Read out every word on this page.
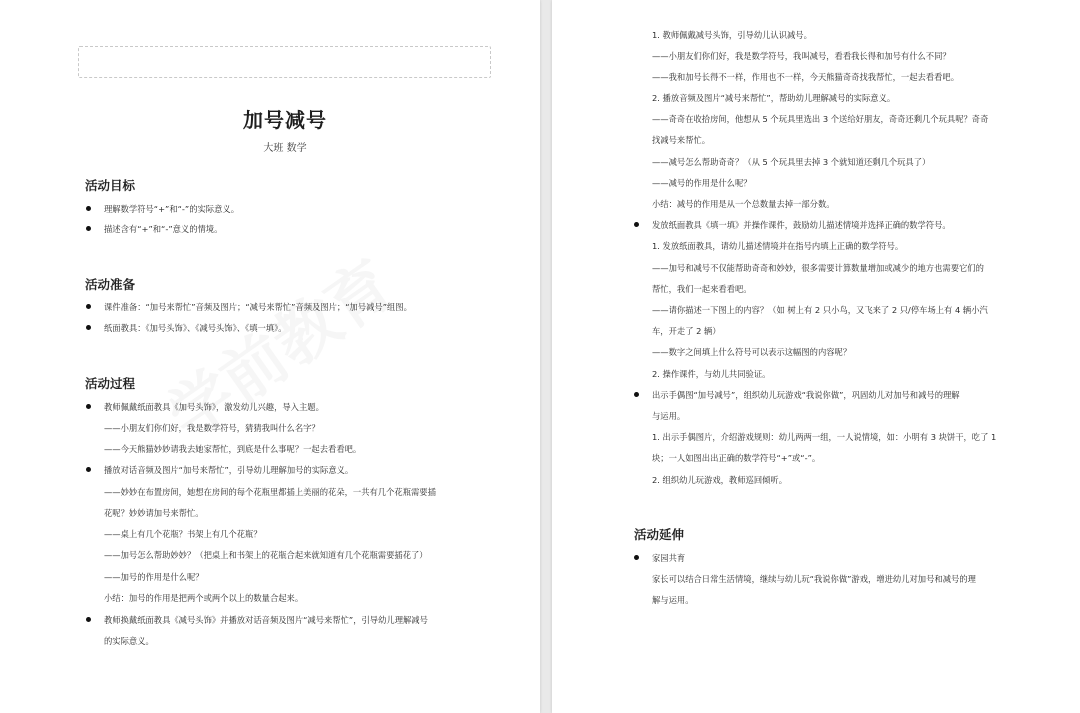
加号减号
大班 数学
活动目标
理解数学符号“+”和“-”的实际意义。
描述含有“+”和“-”意义的情境。
活动准备
课件准备：“加号来帮忙”音频及图片；“减号来帮忙”音频及图片；“加号减号”组图。
纸面教具：《加号头饰》、《减号头饰》、《填一填》。
活动过程
教师佩戴纸面教具《加号头饰》，激发幼儿兴趣，导入主题。
——小朋友们你们好，我是数学符号，猜猜我叫什么名字？
——今天熊猫妙妙请我去她家帮忙，到底是什么事呢？一起去看看吧。
播放对话音频及图片“加号来帮忙”，引导幼儿理解加号的实际意义。
——妙妙在布置房间，她想在房间的每个花瓶里都插上美丽的花朵，一共有几个花瓶需要插
花呢？妙妙请加号来帮忙。
——桌上有几个花瓶？书架上有几个花瓶？
——加号怎么帮助妙妙？（把桌上和书架上的花瓶合起来就知道有几个花瓶需要插花了）
——加号的作用是什么呢？
小结：加号的作用是把两个或两个以上的数量合起来。
教师换戴纸面教具《减号头饰》并播放对话音频及图片“减号来帮忙”，引导幼儿理解减号
的实际意义。
1. 教师佩戴减号头饰，引导幼儿认识减号。
——小朋友们你们好，我是数学符号，我叫减号，看看我长得和加号有什么不同？
——我和加号长得不一样，作用也不一样，今天熊猫奇奇找我帮忙，一起去看看吧。
2. 播放音频及图片“减号来帮忙”，帮助幼儿理解减号的实际意义。
——奇奇在收拾房间，他想从 5 个玩具里选出 3 个送给好朋友，奇奇还剩几个玩具呢？奇奇
找减号来帮忙。
——减号怎么帮助奇奇？（从 5 个玩具里去掉 3 个就知道还剩几个玩具了）
——减号的作用是什么呢？
小结：减号的作用是从一个总数量去掉一部分数。
发放纸面教具《填一填》并操作课件，鼓励幼儿描述情境并选择正确的数学符号。
1. 发放纸面教具，请幼儿描述情境并在指号内填上正确的数学符号。
——加号和减号不仅能帮助奇奇和妙妙，很多需要计算数量增加或减少的地方也需要它们的
帮忙，我们一起来看看吧。
——请你描述一下图上的内容？（如 树上有 2 只小鸟，又飞来了 2 只/停车场上有 4 辆小汽
车，开走了 2 辆）
——数字之间填上什么符号可以表示这幅图的内容呢？
2. 操作课件，与幼儿共同验证。
出示手偶图“加号减号”，组织幼儿玩游戏“我说你做”，巩固幼儿对加号和减号的理解
与运用。
1. 出示手偶图片，介绍游戏规则：幼儿两两一组，一人说情境，如：小明有 3 块饼干，吃了 1
块；一人如图出出正确的数学符号“+”或“-”。
2. 组织幼儿玩游戏，教师巡回倾听。
活动延伸
家园共育
家长可以结合日常生活情境，继续与幼儿玩“我说你做”游戏，增进幼儿对加号和减号的理
解与运用。
